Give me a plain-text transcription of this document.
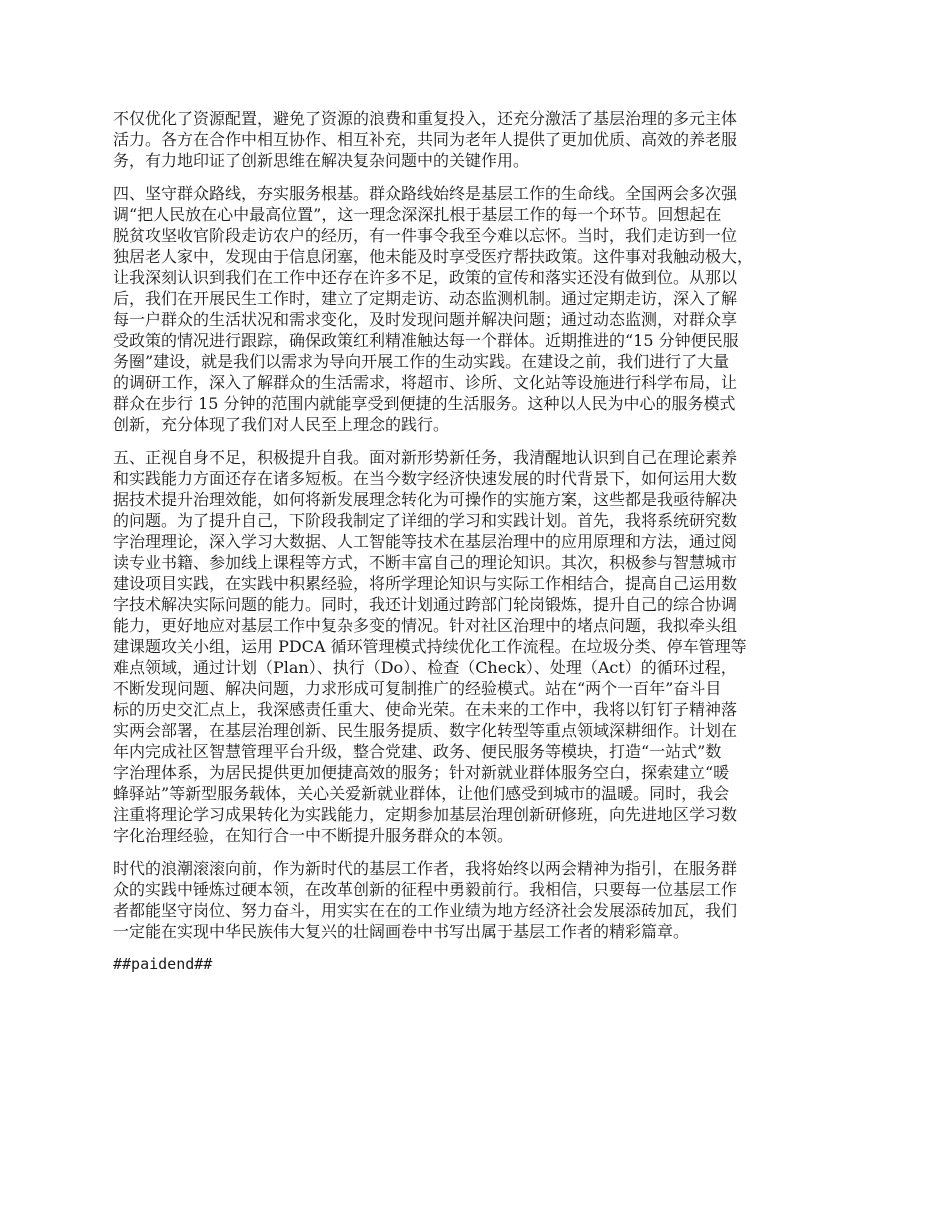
不仅优化了资源配置，避免了资源的浪费和重复投入，还充分激活了基层治理的多元主体
活力。各方在合作中相互协作、相互补充，共同为老年人提供了更加优质、高效的养老服
务，有力地印证了创新思维在解决复杂问题中的关键作用。
四、坚守群众路线，夯实服务根基。群众路线始终是基层工作的生命线。全国两会多次强
调“把人民放在心中最高位置”，这一理念深深扎根于基层工作的每一个环节。回想起在
脱贫攻坚收官阶段走访农户的经历，有一件事令我至今难以忘怀。当时，我们走访到一位
独居老人家中，发现由于信息闭塞，他未能及时享受医疗帮扶政策。这件事对我触动极大，
让我深刻认识到我们在工作中还存在许多不足，政策的宣传和落实还没有做到位。从那以
后，我们在开展民生工作时，建立了定期走访、动态监测机制。通过定期走访，深入了解
每一户群众的生活状况和需求变化，及时发现问题并解决问题；通过动态监测，对群众享
受政策的情况进行跟踪，确保政策红利精准触达每一个群体。近期推进的“15 分钟便民服
务圈”建设，就是我们以需求为导向开展工作的生动实践。在建设之前，我们进行了大量
的调研工作，深入了解群众的生活需求，将超市、诊所、文化站等设施进行科学布局，让
群众在步行 15 分钟的范围内就能享受到便捷的生活服务。这种以人民为中心的服务模式
创新，充分体现了我们对人民至上理念的践行。
五、正视自身不足，积极提升自我。面对新形势新任务，我清醒地认识到自己在理论素养
和实践能力方面还存在诸多短板。在当今数字经济快速发展的时代背景下，如何运用大数
据技术提升治理效能，如何将新发展理念转化为可操作的实施方案，这些都是我亟待解决
的问题。为了提升自己，下阶段我制定了详细的学习和实践计划。首先，我将系统研究数
字治理理论，深入学习大数据、人工智能等技术在基层治理中的应用原理和方法，通过阅
读专业书籍、参加线上课程等方式，不断丰富自己的理论知识。其次，积极参与智慧城市
建设项目实践，在实践中积累经验，将所学理论知识与实际工作相结合，提高自己运用数
字技术解决实际问题的能力。同时，我还计划通过跨部门轮岗锻炼，提升自己的综合协调
能力，更好地应对基层工作中复杂多变的情况。针对社区治理中的堵点问题，我拟牵头组
建课题攻关小组，运用 PDCA 循环管理模式持续优化工作流程。在垃圾分类、停车管理等
难点领域，通过计划（Plan）、执行（Do）、检查（Check）、处理（Act）的循环过程，
不断发现问题、解决问题，力求形成可复制推广的经验模式。站在“两个一百年”奋斗目
标的历史交汇点上，我深感责任重大、使命光荣。在未来的工作中，我将以钉钉子精神落
实两会部署，在基层治理创新、民生服务提质、数字化转型等重点领域深耕细作。计划在
年内完成社区智慧管理平台升级，整合党建、政务、便民服务等模块，打造“一站式”数
字治理体系，为居民提供更加便捷高效的服务；针对新就业群体服务空白，探索建立“暖
蜂驿站”等新型服务载体，关心关爱新就业群体，让他们感受到城市的温暖。同时，我会
注重将理论学习成果转化为实践能力，定期参加基层治理创新研修班，向先进地区学习数
字化治理经验，在知行合一中不断提升服务群众的本领。
时代的浪潮滚滚向前，作为新时代的基层工作者，我将始终以两会精神为指引，在服务群
众的实践中锤炼过硬本领，在改革创新的征程中勇毅前行。我相信，只要每一位基层工作
者都能坚守岗位、努力奋斗，用实实在在的工作业绩为地方经济社会发展添砖加瓦，我们
一定能在实现中华民族伟大复兴的壮阔画卷中书写出属于基层工作者的精彩篇章。
##paidend##
